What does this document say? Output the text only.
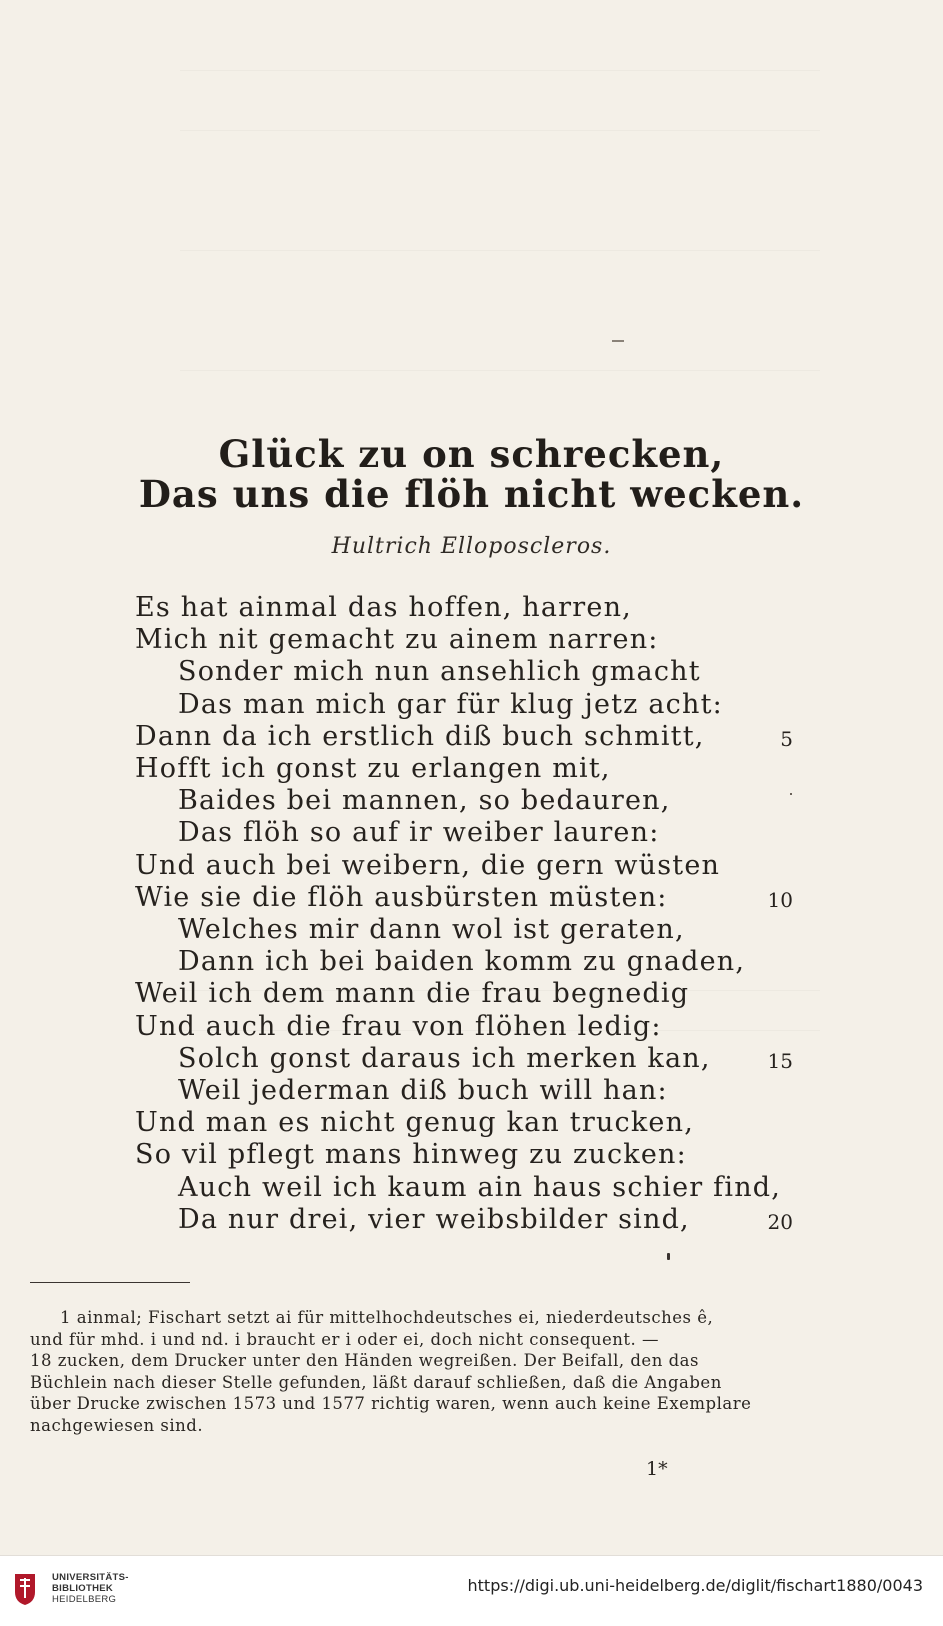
Glück zu on schrecken,
Das uns die flöh nicht wecken.
Hultrich Elloposcleros.
Es hat ainmal das hoffen, harren,
Mich nit gemacht zu ainem narren:
Sonder mich nun ansehlich gmacht
Das man mich gar für klug jetz acht:
Dann da ich erstlich diß buch schmitt,	5
Hofft ich gonst zu erlangen mit,
Baides bei mannen, so bedauren,
Das flöh so auf ir weiber lauren:
Und auch bei weibern, die gern wüsten
Wie sie die flöh ausbürsten müsten:	10
Welches mir dann wol ist geraten,
Dann ich bei baiden komm zu gnaden,
Weil ich dem mann die frau begnedig
Und auch die frau von flöhen ledig:
Solch gonst daraus ich merken kan,	15
Weil jederman diß buch will han:
Und man es nicht genug kan trucken,
So vil pflegt mans hinweg zu zucken:
Auch weil ich kaum ain haus schier find,
Da nur drei, vier weibsbilder sind,	20
1 ainmal; Fischart setzt ai für mittelhochdeutsches ei, niederdeutsches ê,
und für mhd. i und nd. i braucht er i oder ei, doch nicht consequent. —
18 zucken, dem Drucker unter den Händen wegreißen. Der Beifall, den das
Büchlein nach dieser Stelle gefunden, läßt darauf schließen, daß die Angaben
über Drucke zwischen 1573 und 1577 richtig waren, wenn auch keine Exemplare
nachgewiesen sind.
1*
UNIVERSITÄTS-
BIBLIOTHEK
HEIDELBERG
https://digi.ub.uni-heidelberg.de/diglit/fischart1880/0043
